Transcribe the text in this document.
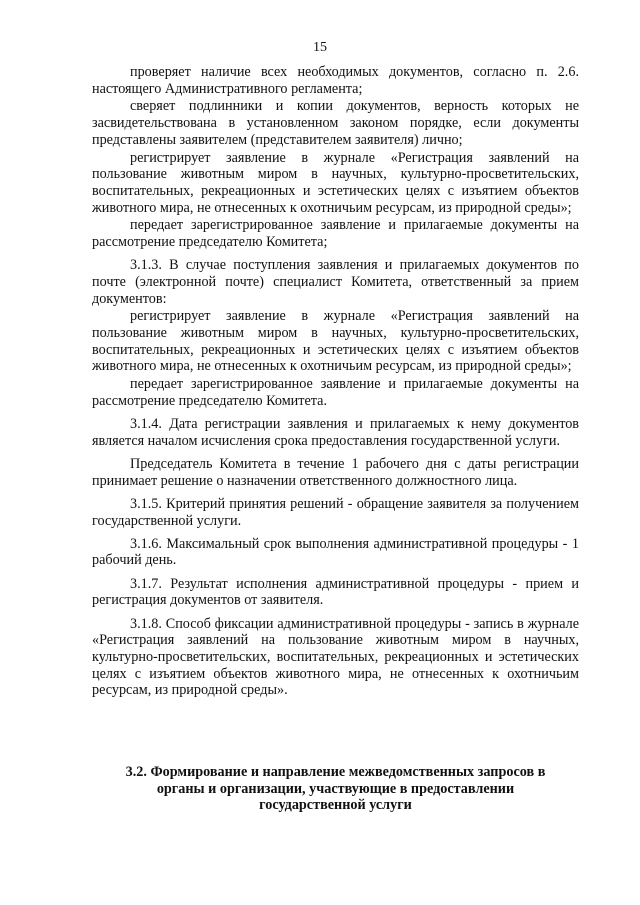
15

проверяет наличие всех необходимых документов, согласно п. 2.6. настоящего Административного регламента;

сверяет подлинники и копии документов, верность которых не засвидетельствована в установленном законом порядке, если документы представлены заявителем (представителем заявителя) лично;

регистрирует заявление в журнале «Регистрация заявлений на пользование животным миром в научных, культурно-просветительских, воспитательных, рекреационных и эстетических целях с изъятием объектов животного мира, не отнесенных к охотничьим ресурсам, из природной среды»;

передает зарегистрированное заявление и прилагаемые документы на рассмотрение председателю Комитета;

3.1.3. В случае поступления заявления и прилагаемых документов по почте (электронной почте) специалист Комитета, ответственный за прием документов:

регистрирует заявление в журнале «Регистрация заявлений на пользование животным миром в научных, культурно-просветительских, воспитательных, рекреационных и эстетических целях с изъятием объектов животного мира, не отнесенных к охотничьим ресурсам, из природной среды»;

передает зарегистрированное заявление и прилагаемые документы на рассмотрение председателю Комитета.

3.1.4. Дата регистрации заявления и прилагаемых к нему документов является началом исчисления срока предоставления государственной услуги.

Председатель Комитета в течение 1 рабочего дня с даты регистрации принимает решение о назначении ответственного должностного лица.

3.1.5. Критерий принятия решений - обращение заявителя за получением государственной услуги.

3.1.6. Максимальный срок выполнения административной процедуры - 1 рабочий день.

3.1.7. Результат исполнения административной процедуры - прием и регистрация документов от заявителя.

3.1.8. Способ фиксации административной процедуры - запись в журнале «Регистрация заявлений на пользование животным миром в научных, культурно-просветительских, воспитательных, рекреационных и эстетических целях с изъятием объектов животного мира, не отнесенных к охотничьим ресурсам, из природной среды».

3.2. Формирование и направление межведомственных запросов в
органы и организации, участвующие в предоставлении
государственной услуги
